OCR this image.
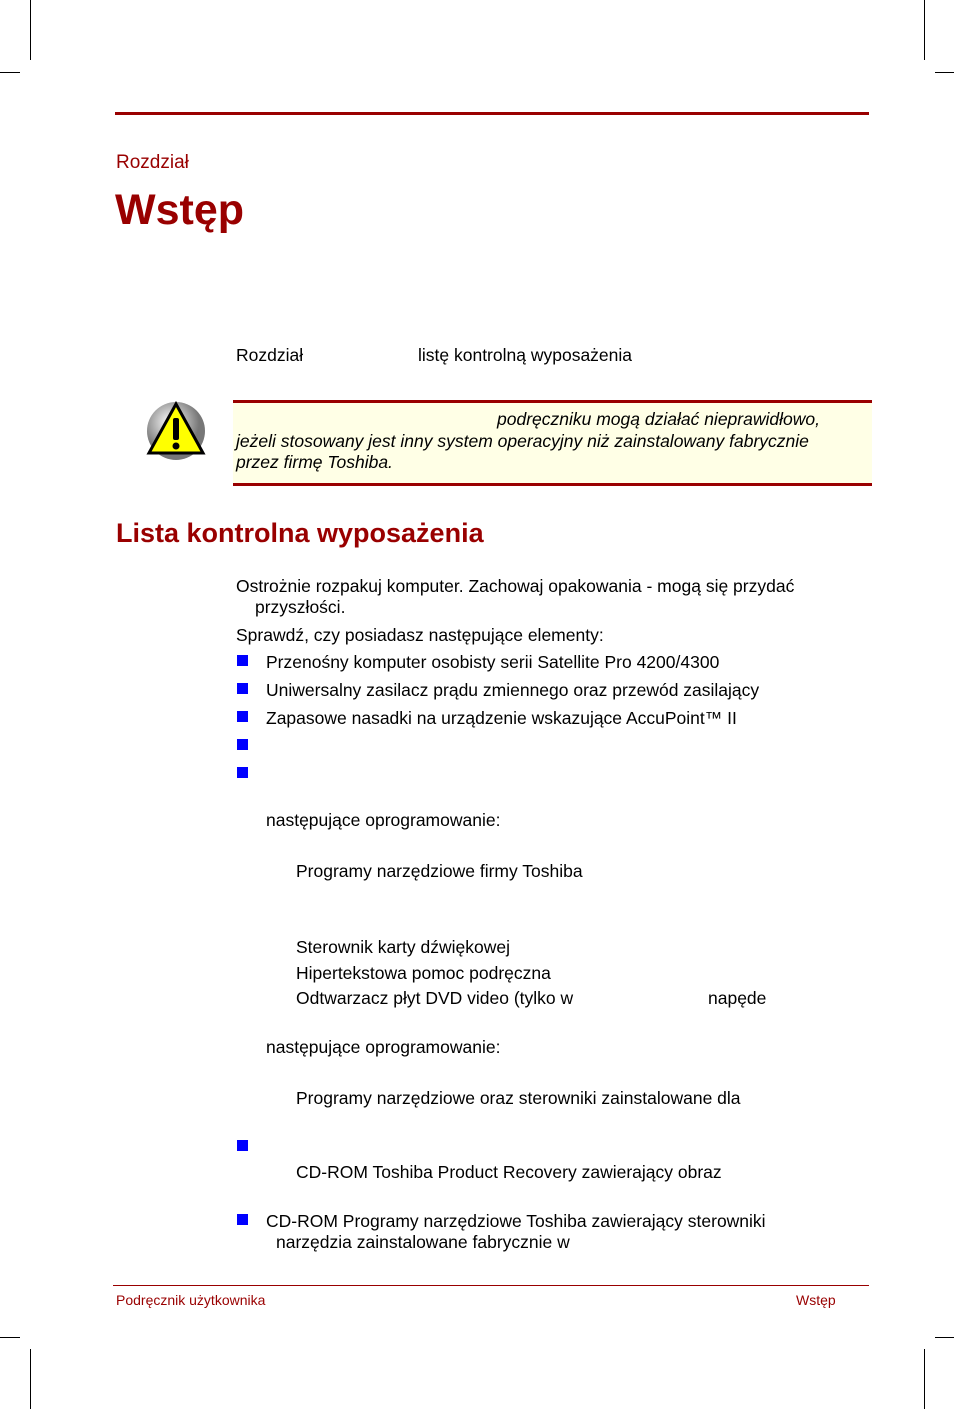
Rozdział
Wstęp
Rozdział	listę kontrolną wyposażenia
podręczniku mogą działać nieprawidłowo,
jeżeli stosowany jest inny system operacyjny niż zainstalowany fabrycznie
przez firmę Toshiba.
Lista kontrolna wyposażenia
Ostrożnie rozpakuj komputer. Zachowaj opakowania - mogą się przydać
przyszłości.
Sprawdź, czy posiadasz następujące elementy:
Przenośny komputer osobisty serii Satellite Pro 4200/4300
Uniwersalny zasilacz prądu zmiennego oraz przewód zasilający
Zapasowe nasadki na urządzenie wskazujące AccuPoint™ II
następujące oprogramowanie:
Programy narzędziowe firmy Toshiba
Sterownik karty dźwiękowej
Hipertekstowa pomoc podręczna
Odtwarzacz płyt DVD video (tylko w	napęde
następujące oprogramowanie:
Programy narzędziowe oraz sterowniki zainstalowane dla
CD-ROM Toshiba Product Recovery zawierający obraz
CD-ROM Programy narzędziowe Toshiba zawierający sterowniki
narzędzia zainstalowane fabrycznie w
Podręcznik użytkownika	Wstęp
